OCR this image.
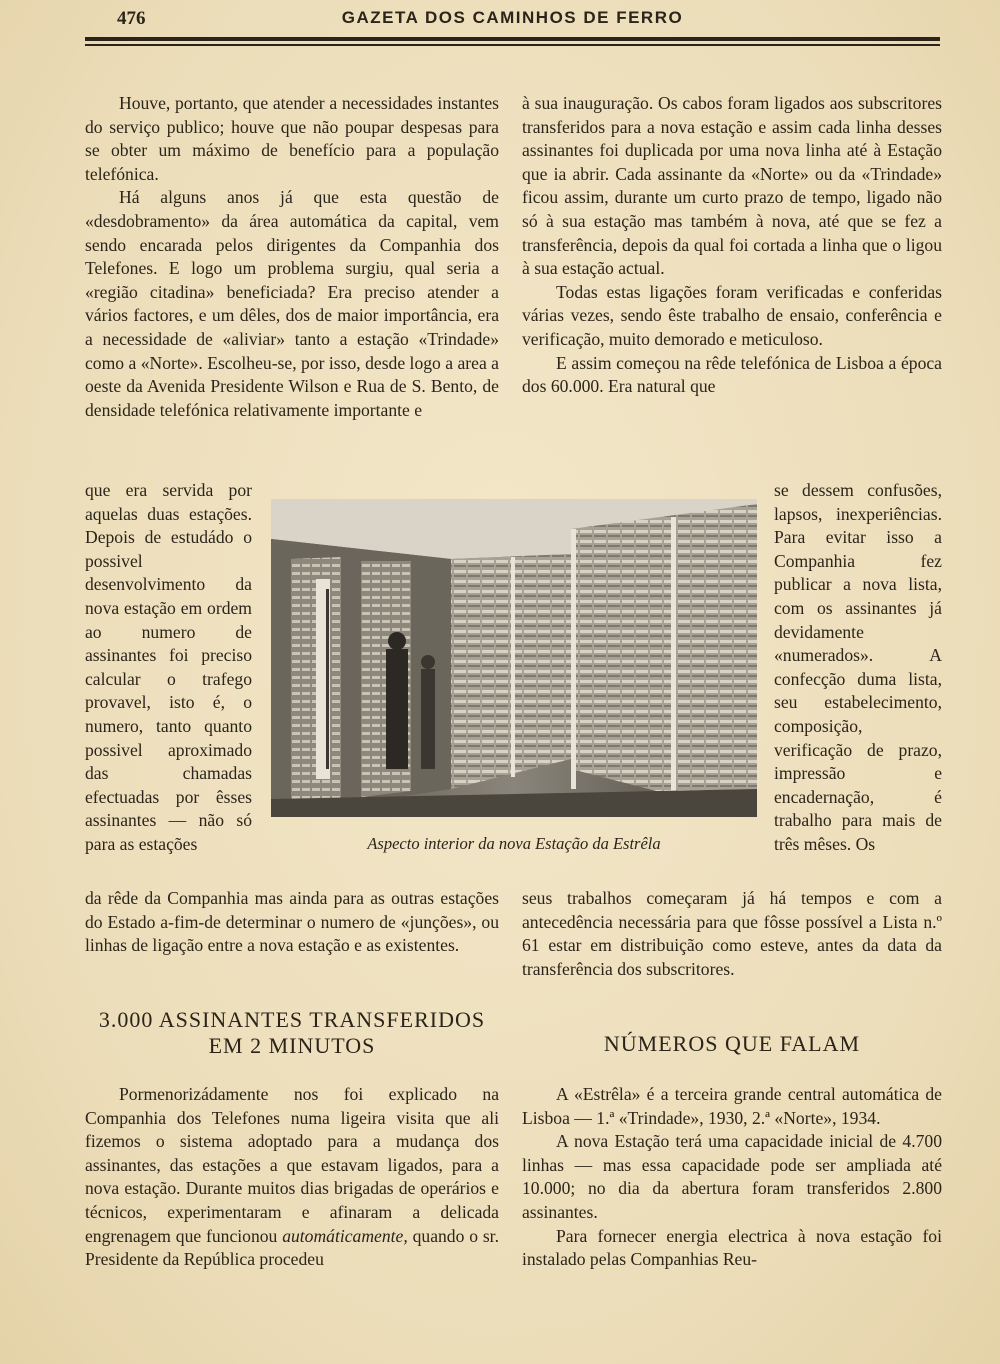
476	GAZETA DOS CAMINHOS DE FERRO

Houve, portanto, que atender a necessidades instantes do serviço publico; houve que não poupar despesas para se obter um máximo de benefício para a população telefónica.

Há alguns anos já que esta questão de «desdobramento» da área automática da capital, vem sendo encarada pelos dirigentes da Companhia dos Telefones. E logo um problema surgiu, qual seria a «região citadina» beneficiada? Era preciso atender a vários factores, e um dêles, dos de maior importância, era a necessidade de «aliviar» tanto a estação «Trindade» como a «Norte». Escolheu-se, por isso, desde logo a area a oeste da Avenida Presidente Wilson e Rua de S. Bento, de densidade telefónica relativamente importante e

que era servida por aquelas duas estações. Depois de estudádo o possivel desenvolvimento da nova estação em ordem ao numero de assinantes foi preciso calcular o trafego provavel, isto é, o numero, tanto quanto possivel aproximado das chamadas efectuadas por êsses assinantes — não só para as estações

à sua inauguração. Os cabos foram ligados aos subscritores transferidos para a nova estação e assim cada linha desses assinantes foi duplicada por uma nova linha até à Estação que ia abrir. Cada assinante da «Norte» ou da «Trindade» ficou assim, durante um curto prazo de tempo, ligado não só à sua estação mas também à nova, até que se fez a transferência, depois da qual foi cortada a linha que o ligou à sua estação actual.

Todas estas ligações foram verificadas e conferidas várias vezes, sendo êste trabalho de ensaio, conferência e verificação, muito demorado e meticuloso.

E assim começou na rêde telefónica de Lisboa a época dos 60.000. Era natural que

se dessem confusões, lapsos, inexperiências. Para evitar isso a Companhia fez publicar a nova lista, com os assinantes já devidamente «numerados». A confecção duma lista, seu estabelecimento, composição, verificação de prazo, impressão e encadernação, é trabalho para mais de três mêses. Os

Aspecto interior da nova Estação da Estrêla

da rêde da Companhia mas ainda para as outras estações do Estado a-fim-de determinar o numero de «junções», ou linhas de ligação entre a nova estação e as existentes.

seus trabalhos começaram já há tempos e com a antecedência necessária para que fôsse possível a Lista n.º 61 estar em distribuição como esteve, antes da data da transferência dos subscritores.

3.000 ASSINANTES TRANSFERIDOS
EM 2 MINUTOS	NÚMEROS QUE FALAM

Pormenorizádamente nos foi explicado na Companhia dos Telefones numa ligeira visita que ali fizemos o sistema adoptado para a mudança dos assinantes, das estações a que estavam ligados, para a nova estação. Durante muitos dias brigadas de operários e técnicos, experimentaram e afinaram a delicada engrenagem que funcionou automáticamente, quando o sr. Presidente da República procedeu

A «Estrêla» é a terceira grande central automática de Lisboa — 1.ª «Trindade», 1930, 2.ª «Norte», 1934.

A nova Estação terá uma capacidade inicial de 4.700 linhas — mas essa capacidade pode ser ampliada até 10.000; no dia da abertura foram transferidos 2.800 assinantes.

Para fornecer energia electrica à nova estação foi instalado pelas Companhias Reu-
